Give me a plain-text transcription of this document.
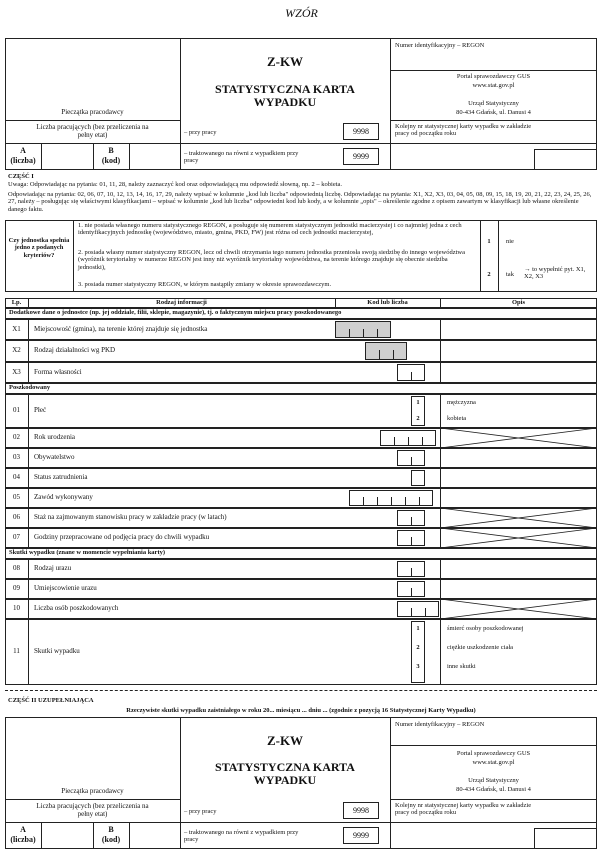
WZÓR
Numer identyfikacyjny – REGON
Portal sprawozdawczy GUS
www.stat.gov.pl
Urząd Statystyczny
80-434 Gdańsk, ul. Danusi 4
Z-KW
STATYSTYCZNA KARTA WYPADKU
Pieczątka pracodawcy
Liczba pracujących (bez przeliczenia na pełny etat)
A
(liczba)
B
(kod)
– przy pracy	9998
– traktowanego na równi z wypadkiem przy pracy	9999
Kolejny nr statystycznej karty wypadku w zakładzie pracy od początku roku
CZĘŚĆ I
Uwaga: Odpowiadając na pytania: 01, 11, 28, należy zaznaczyć kod oraz odpowiadającą mu odpowiedź słowną, np. 2 – kobieta.
Odpowiadając na pytania: 02, 06, 07, 10, 12, 13, 14, 16, 17, 29, należy wpisać w kolumnie „kod lub liczba" odpowiednią liczbę. Odpowiadając na pytania: X1, X2, X3, 03, 04, 05, 08, 09, 15, 18, 19, 20, 21, 22, 23, 24, 25, 26, 27, należy – posługując się właściwymi klasyfikacjami – wpisać w kolumnie „kod lub liczba" odpowiedni kod lub kody, a w kolumnie „opis" – określenie zgodne z opisem zawartym w klasyfikacji lub własne określenie danego faktu.
Czy jednostka spełnia jedno z podanych kryteriów?
1. nie posiada własnego numeru statystycznego REGON, a posługuje się numerem statystycznym jednostki macierzystej i co najmniej jedna z cech identyfikacyjnych jednostkę (województwo, miasto, gmina, PKD, FW) jest różna od cech jednostki macierzystej,
2. posiada własny numer statystyczny REGON, lecz od chwili otrzymania tego numeru jednostka przeniosła swoją siedzibę do innego województwa (wyróżnik terytorialny w numerze REGON jest inny niż wyróżnik terytorialny województwa, na terenie którego znajduje się obecnie siedziba jednostki),
3. posiada numer statystyczny REGON, w którym nastąpiły zmiany w okresie sprawozdawczym.
1	nie
2	tak
→ to wypełnić pyt. X1, X2, X3
Lp.	Rodzaj informacji	Kod lub liczba	Opis
Dodatkowe dane o jednostce (np. jej oddziale, filii, sklepie, magazynie), tj. o faktycznym miejscu pracy poszkodowanego
X1	Miejscowość (gmina), na terenie której znajduje się jednostka
X2	Rodzaj działalności wg PKD
X3	Forma własności
01	Płeć
1	mężczyzna
2	kobieta
02	Rok urodzenia
03	Obywatelstwo
04	Status zatrudnienia
05	Zawód wykonywany
06	Staż na zajmowanym stanowisku pracy w zakładzie pracy (w latach)
07	Godziny przepracowane od podjęcia pracy do chwili wypadku
08	Rodzaj urazu
09	Umiejscowienie urazu
10	Liczba osób poszkodowanych
11	Skutki wypadku
1	śmierć osoby poszkodowanej
2	ciężkie uszkodzenie ciała
3	inne skutki
Poszkodowany
Skutki wypadku (znane w momencie wypełniania karty)
CZĘŚĆ II UZUPEŁNIAJĄCA
Rzeczywiste skutki wypadku zaistniałego w roku 20... miesiącu ... dniu ... (zgodnie z pozycją 16 Statystycznej Karty Wypadku)
Numer identyfikacyjny – REGON
Portal sprawozdawczy GUS
www.stat.gov.pl
Urząd Statystyczny
80-434 Gdańsk, ul. Danusi 4
Z-KW
STATYSTYCZNA KARTA WYPADKU
Pieczątka pracodawcy
Liczba pracujących (bez przeliczenia na pełny etat)
A
(liczba)
B
(kod)
– przy pracy	9998
– traktowanego na równi z wypadkiem przy pracy	9999
Kolejny nr statystycznej karty wypadku w zakładzie pracy od początku roku
